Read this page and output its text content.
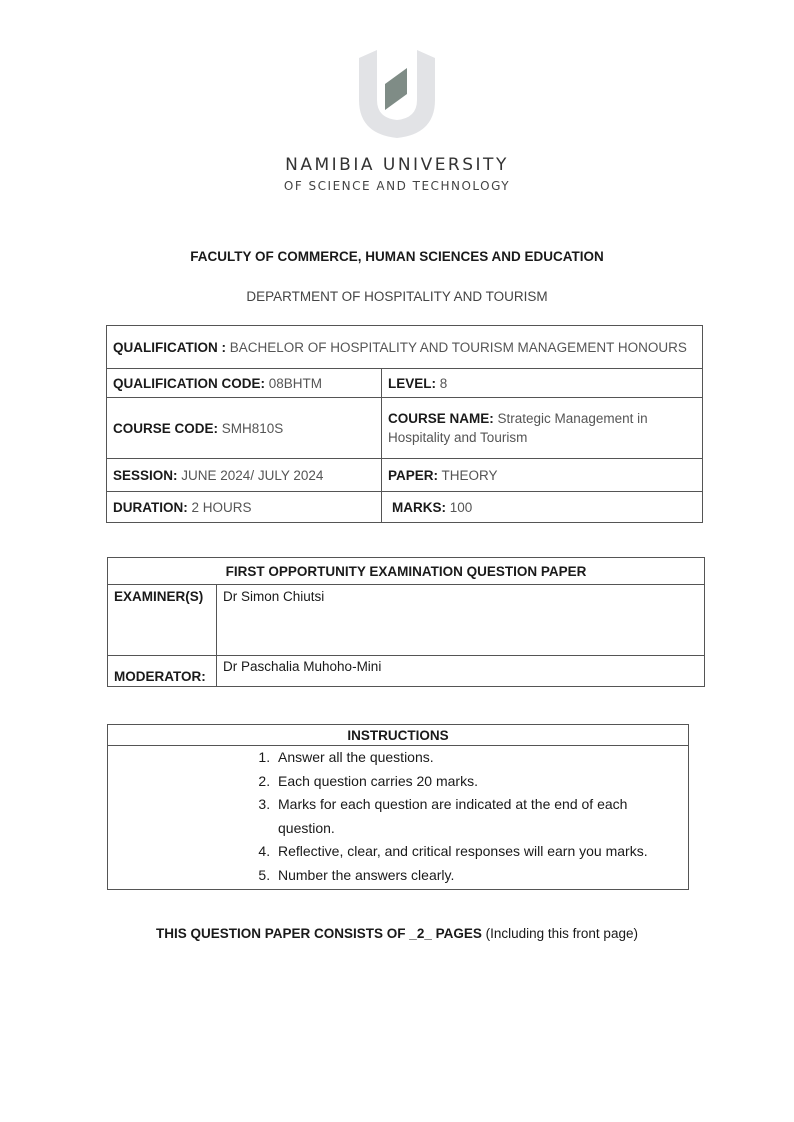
NAMIBIA UNIVERSITY
OF SCIENCE AND TECHNOLOGY
FACULTY OF COMMERCE, HUMAN SCIENCES AND EDUCATION
DEPARTMENT OF HOSPITALITY AND TOURISM
QUALIFICATION : BACHELOR OF HOSPITALITY AND TOURISM MANAGEMENT HONOURS	
QUALIFICATION CODE: 08BHTM	LEVEL: 8
COURSE CODE: SMH810S	COURSE NAME: Strategic Management in Hospitality and Tourism
SESSION: JUNE 2024/ JULY 2024	PAPER: THEORY
DURATION: 2 HOURS	MARKS: 100
FIRST OPPORTUNITY EXAMINATION QUESTION PAPER	
EXAMINER(S)	Dr Simon Chiutsi
MODERATOR:	Dr Paschalia Muhoho-Mini
INSTRUCTIONS

1. Answer all the questions.
2. Each question carries 20 marks.
3. Marks for each question are indicated at the end of each question.
4. Reflective, clear, and critical responses will earn you marks.
5. Number the answers clearly.
THIS QUESTION PAPER CONSISTS OF _2_ PAGES (Including this front page)
